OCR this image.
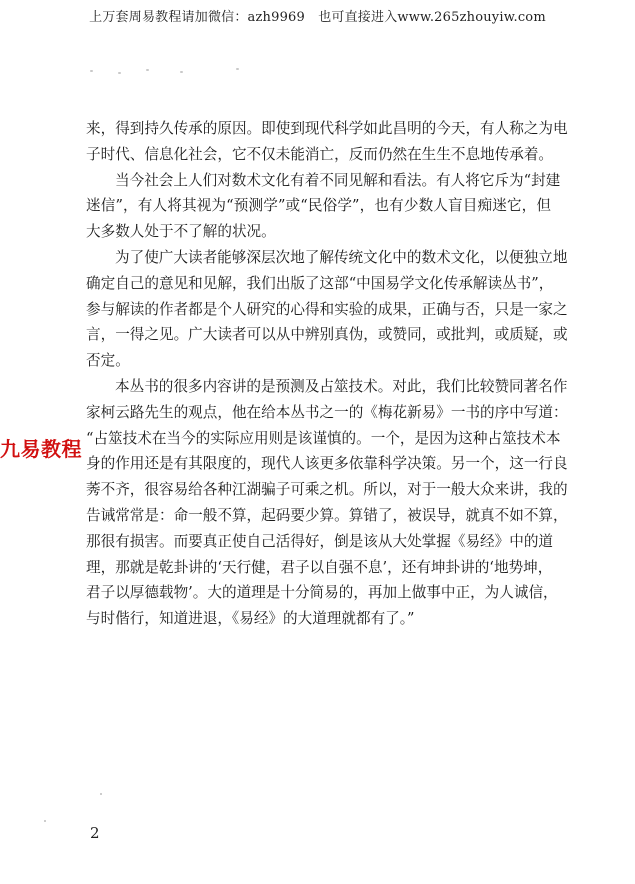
上万套周易教程请加微信：azh9969　也可直接进入www.265zhouyiw.com
来，得到持久传承的原因。即使到现代科学如此昌明的今天，有人称之为电
子时代、信息化社会，它不仅未能消亡，反而仍然在生生不息地传承着。
当今社会上人们对数术文化有着不同见解和看法。有人将它斥为“封建
迷信”，有人将其视为“预测学”或“民俗学”，也有少数人盲目痴迷它，但
大多数人处于不了解的状况。
为了使广大读者能够深层次地了解传统文化中的数术文化，以便独立地
确定自己的意见和见解，我们出版了这部“中国易学文化传承解读丛书”，
参与解读的作者都是个人研究的心得和实验的成果，正确与否，只是一家之
言，一得之见。广大读者可以从中辨别真伪，或赞同，或批判，或质疑，或
否定。
本丛书的很多内容讲的是预测及占筮技术。对此，我们比较赞同著名作
家柯云路先生的观点，他在给本丛书之一的《梅花新易》一书的序中写道：
“占筮技术在当今的实际应用则是该谨慎的。一个，是因为这种占筮技术本
身的作用还是有其限度的，现代人该更多依靠科学决策。另一个，这一行良
莠不齐，很容易给各种江湖骗子可乘之机。所以，对于一般大众来讲，我的
告诫常常是：命一般不算，起码要少算。算错了，被误导，就真不如不算，
那很有损害。而要真正使自己活得好，倒是该从大处掌握《易经》中的道
理，那就是乾卦讲的‘天行健，君子以自强不息’，还有坤卦讲的‘地势坤，
君子以厚德载物’。大的道理是十分简易的，再加上做事中正，为人诚信，
与时偕行，知道进退，《易经》的大道理就都有了。”
九易教程
2
